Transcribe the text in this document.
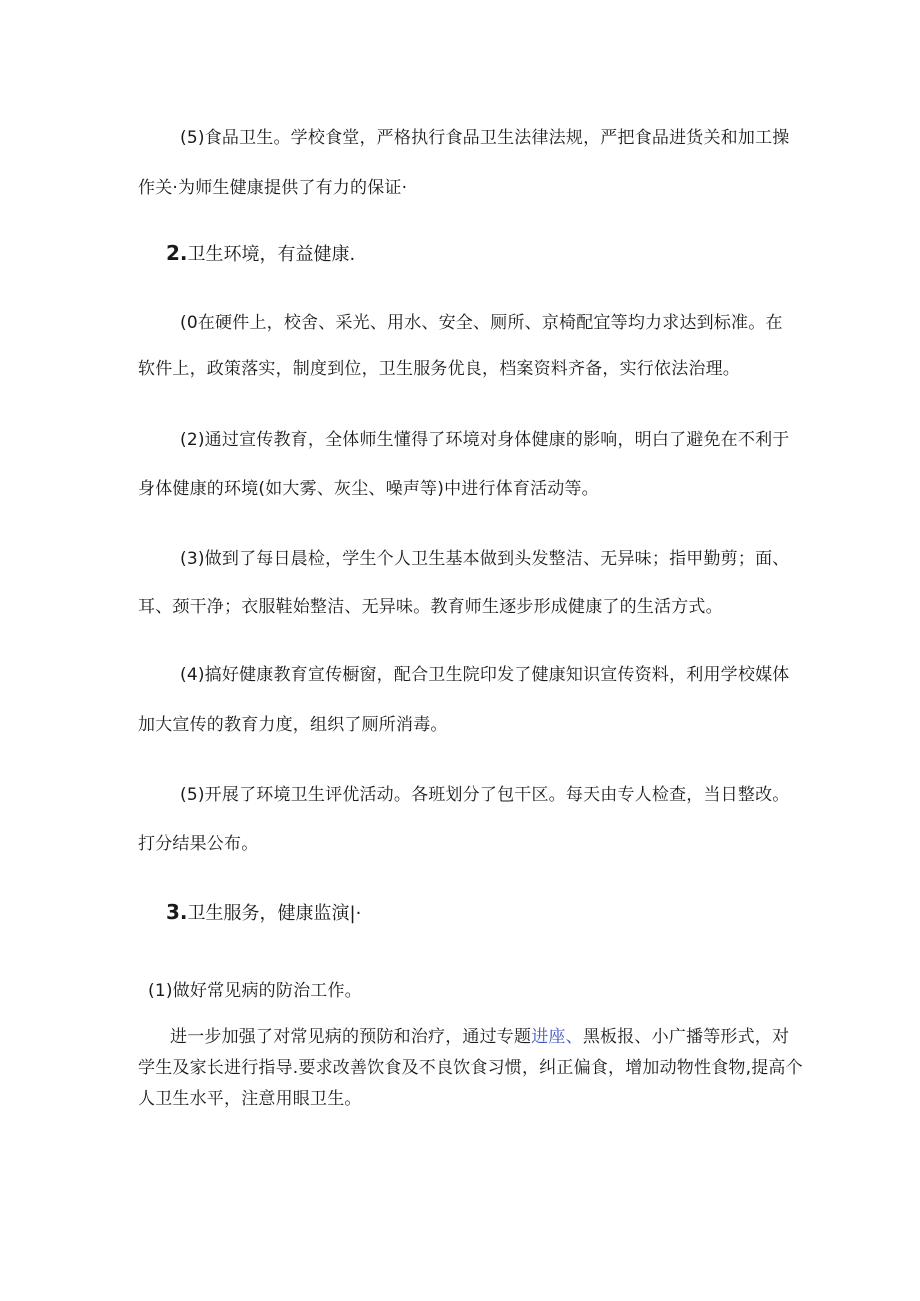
(5)食品卫生。学校食堂，严格执行食品卫生法律法规，严把食品进货关和加工操
作关·为师生健康提供了有力的保证·
2.卫生环境，有益健康.
(0在硬件上，校舍、采光、用水、安全、厕所、京椅配宜等均力求达到标准。在
软件上，政策落实，制度到位，卫生服务优良，档案资料齐备，实行依法治理。
(2)通过宣传教育，全体师生懂得了环境对身体健康的影响，明白了避免在不利于
身体健康的环境(如大雾、灰尘、噪声等)中进行体育活动等。
(3)做到了每日晨检，学生个人卫生基本做到头发整洁、无异味；指甲勤剪；面、
耳、颈干净；衣服鞋始整洁、无异味。教育师生逐步形成健康了的生活方式。
(4)搞好健康教育宣传橱窗，配合卫生院印发了健康知识宣传资料，利用学校媒体
加大宣传的教育力度，组织了厕所消毒。
(5)开展了环境卫生评优活动。各班划分了包干区。每天由专人检查，当日整改。
打分结果公布。
3.卫生服务，健康监演|·
(1)做好常见病的防治工作。
进一步加强了对常见病的预防和治疗，通过专题进座、黑板报、小广播等形式，对
学生及家长进行指导.要求改善饮食及不良饮食习惯，纠正偏食，增加动物性食物,提高个
人卫生水平，注意用眼卫生。
